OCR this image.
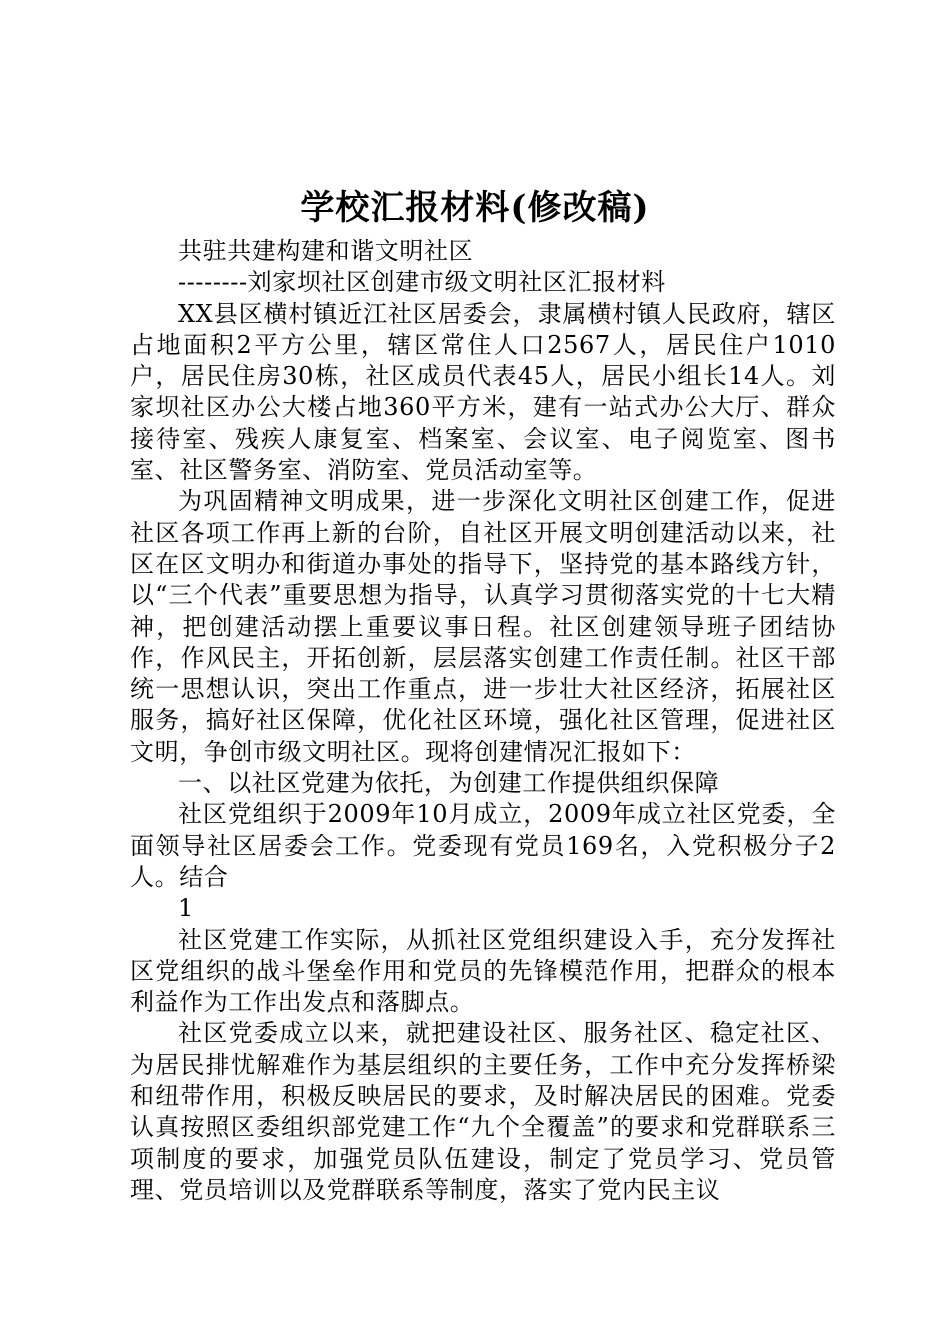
学校汇报材料(修改稿)

共驻共建构建和谐文明社区

--------刘家坝社区创建市级文明社区汇报材料

XX县区横村镇近江社区居委会，隶属横村镇人民政府，辖区占地面积2平方公里，辖区常住人口2567人，居民住户1010户，居民住房30栋，社区成员代表45人，居民小组长14人。刘家坝社区办公大楼占地360平方米，建有一站式办公大厅、群众接待室、残疾人康复室、档案室、会议室、电子阅览室、图书室、社区警务室、消防室、党员活动室等。

为巩固精神文明成果，进一步深化文明社区创建工作，促进社区各项工作再上新的台阶，自社区开展文明创建活动以来，社区在区文明办和街道办事处的指导下，坚持党的基本路线方针，以“三个代表”重要思想为指导，认真学习贯彻落实党的十七大精神，把创建活动摆上重要议事日程。社区创建领导班子团结协作，作风民主，开拓创新，层层落实创建工作责任制。社区干部统一思想认识，突出工作重点，进一步壮大社区经济，拓展社区服务，搞好社区保障，优化社区环境，强化社区管理，促进社区文明，争创市级文明社区。现将创建情况汇报如下：

一、以社区党建为依托，为创建工作提供组织保障

社区党组织于2009年10月成立，2009年成立社区党委，全面领导社区居委会工作。党委现有党员169名，入党积极分子2人。结合

1

社区党建工作实际，从抓社区党组织建设入手，充分发挥社区党组织的战斗堡垒作用和党员的先锋模范作用，把群众的根本利益作为工作出发点和落脚点。

社区党委成立以来，就把建设社区、服务社区、稳定社区、为居民排忧解难作为基层组织的主要任务，工作中充分发挥桥梁和纽带作用，积极反映居民的要求，及时解决居民的困难。党委认真按照区委组织部党建工作“九个全覆盖”的要求和党群联系三项制度的要求，加强党员队伍建设，制定了党员学习、党员管理、党员培训以及党群联系等制度，落实了党内民主议
